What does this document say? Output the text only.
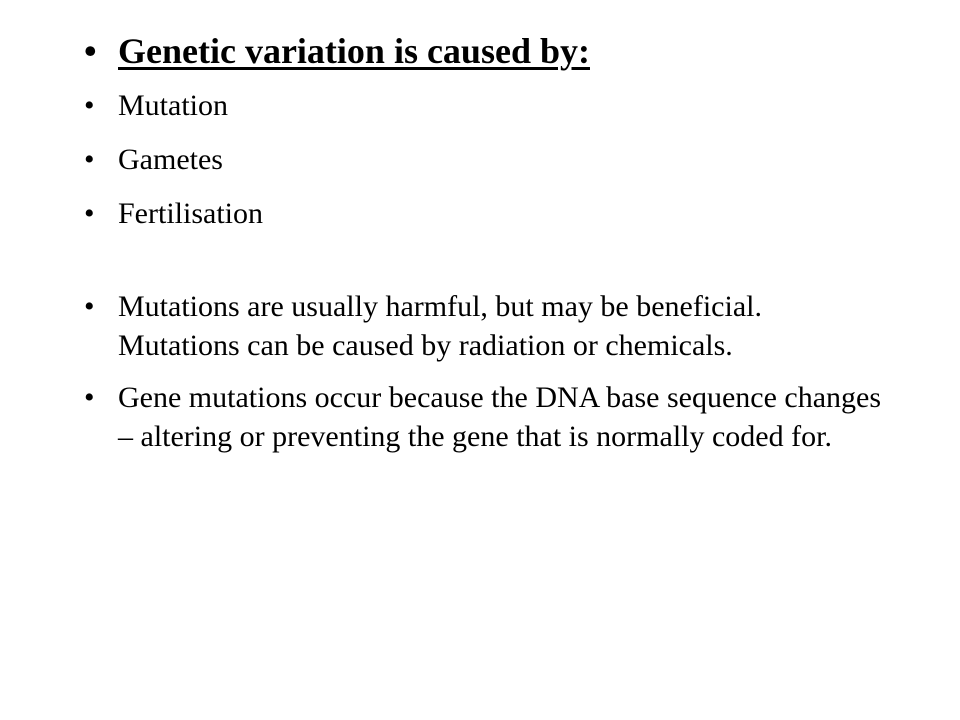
• Genetic variation is caused by:
• Mutation
• Gametes
• Fertilisation
• Mutations are usually harmful, but may be beneficial. Mutations can be caused by radiation or chemicals.
• Gene mutations occur because the DNA base sequence changes – altering or preventing the gene that is normally coded for.
